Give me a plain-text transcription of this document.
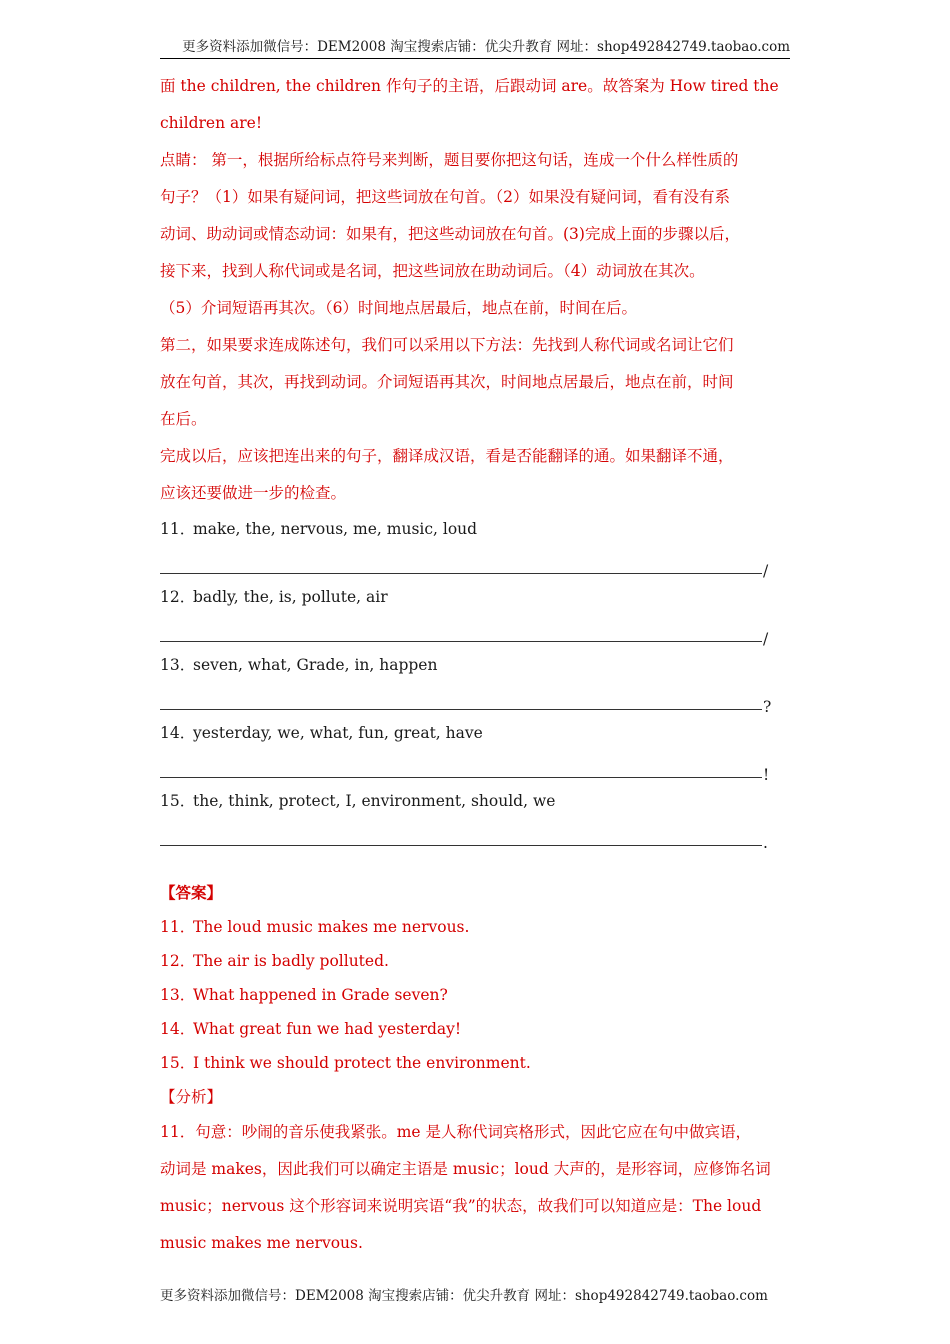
更多资料添加微信号：DEM2008 淘宝搜索店铺：优尖升教育 网址：shop492842749.taobao.com

面 the children, the children 作句子的主语，后跟动词 are。故答案为 How tired the

children are!

点睛： 第一，根据所给标点符号来判断，题目要你把这句话，连成一个什么样性质的

句子？（1）如果有疑问词，把这些词放在句首。（2）如果没有疑问词，看有没有系

动词、助动词或情态动词：如果有，把这些动词放在句首。(3)完成上面的步骤以后，

接下来，找到人称代词或是名词，把这些词放在助动词后。（4）动词放在其次。

（5）介词短语再其次。（6）时间地点居最后，地点在前，时间在后。

第二，如果要求连成陈述句，我们可以采用以下方法：先找到人称代词或名词让它们

放在句首，其次，再找到动词。介词短语再其次，时间地点居最后，地点在前，时间

在后。

完成以后，应该把连出来的句子，翻译成汉语，看是否能翻译的通。如果翻译不通，

应该还要做进一步的检查。

11．make, the, nervous, me, music, loud

/

12．badly, the, is, pollute, air

/

13．seven, what, Grade, in, happen

?

14．yesterday, we, what, fun, great, have

!

15．the, think, protect, I, environment, should, we

.

【答案】

11．The loud music makes me nervous.

12．The air is badly polluted.

13．What happened in Grade seven?

14．What great fun we had yesterday!

15．I think we should protect the environment.

【分析】

11．句意：吵闹的音乐使我紧张。me 是人称代词宾格形式，因此它应在句中做宾语，

动词是 makes，因此我们可以确定主语是 music；loud 大声的，是形容词，应修饰名词

music；nervous 这个形容词来说明宾语“我”的状态，故我们可以知道应是：The loud

music makes me nervous.

更多资料添加微信号：DEM2008 淘宝搜索店铺：优尖升教育 网址：shop492842749.taobao.com
